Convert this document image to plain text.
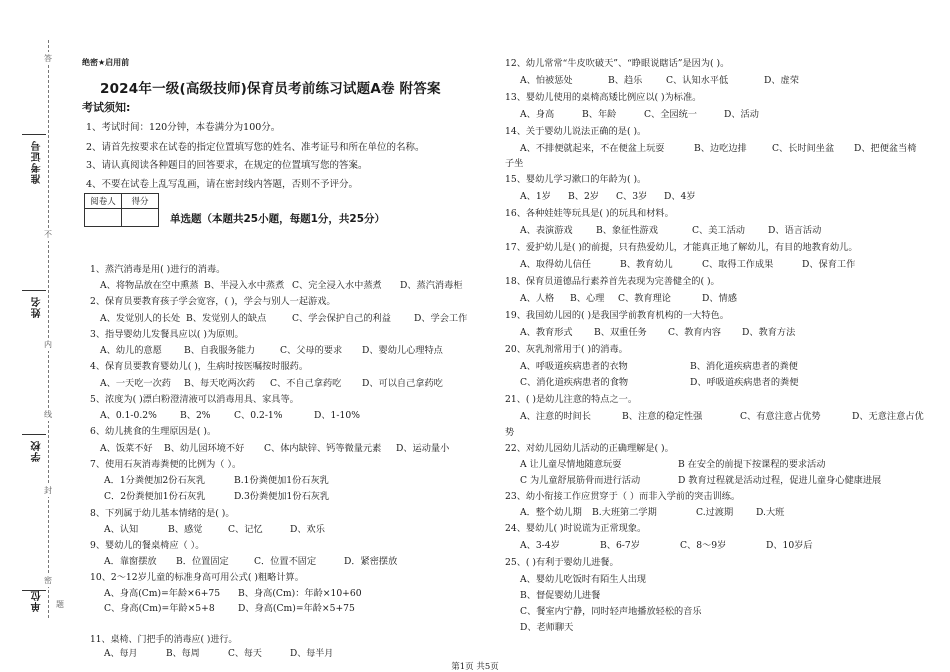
答
不
内
线
封
密
准考证号
姓名
学校
单位 题
绝密★启用前
2024年一级(高级技师)保育员考前练习试题A卷 附答案
考试须知:
1、考试时间：120分钟，本卷满分为100分。
2、请首先按要求在试卷的指定位置填写您的姓名、准考证号和所在单位的名称。
3、请认真阅读各种题目的回答要求，在规定的位置填写您的答案。
4、不要在试卷上乱写乱画，请在密封线内答题，否则不予评分。
阅卷人	得分

单选题（本题共25小题，每题1分，共25分）
1、蒸汽消毒是用( )进行的消毒。
A、将物品放在空中熏蒸 B、半浸入水中蒸煮 C、完全浸入水中蒸煮 D、蒸汽消毒柜
2、保育员要教育孩子学会宽容，( )，学会与别人一起游戏。
A、发觉别人的长处 B、发觉别人的缺点	C、学会保护自己的利益	D、学会工作
3、指导婴幼儿发餐具应以( )为原则。
A、幼儿的意愿 B、自我服务能力	C、父母的要求 D、婴幼儿心理特点
4、保育员要教育婴幼儿( )，生病时按医嘱按时服药。
A、一天吃一次药 B、每天吃两次药 C、不自己拿药吃 D、可以自己拿药吃
5、浓度为( )漂白粉澄清液可以消毒用具、家具等。
A、0.1-0.2%	B、2%	C、0.2-1%	D、1-10%
6、幼儿挑食的生理原因是( )。
A、饭菜不好 B、幼儿园环境不好 C、体内缺锌、钙等微量元素 D、运动量小
7、使用石灰消毒粪便的比例为（ ）。
A．1分粪便加2份石灰乳	B.1份粪便加1份石灰乳
C．2份粪便加1份石灰乳	D.3份粪便加1份石灰乳
8、下列属于幼儿基本情绪的是( )。
A、认知	B、感觉	C、记忆	D、欢乐
9、婴幼儿的餐桌椅应（ ）。
A．靠窗摆放 B．位置固定	C．位置不固定	D．紧密摆放
10、2～12岁儿童的标准身高可用公式( )粗略计算。
A、身高(Cm)=年龄×6+75 B、身高(Cm)：年龄×10+60
C、身高(Cm)=年龄×5+8	D、身高(Cm)=年龄×5+75
12、幼儿常常“牛皮吹破天”、“睁眼说瞎话”是因为( )。
A、怕被惩处	B、趋乐	C、认知水平低	D、虚荣
13、婴幼儿使用的桌椅高矮比例应以( )为标准。
A、身高	B、年龄	C、全园统一	D、活动
14、关于婴幼儿说法正确的是( )。
A、不排便就起来，不在便盆上玩耍	B、边吃边排	C、长时间坐盆 D、把便盆当椅
子坐
15、婴幼儿学习漱口的年龄为( )。
A、1岁 B、2岁 C、3岁 D、4岁
16、各种娃娃等玩具是( )的玩具和材料。
A、表演游戏	B、象征性游戏	C、美工活动	D、语言活动
17、爱护幼儿是( )的前提，只有热爱幼儿，才能真正地了解幼儿，有目的地教育幼儿。
A、取得幼儿信任	B、教育幼儿	C、取得工作成果	D、保育工作
18、保育员道德品行素养首先表现为完善健全的( )。
A、人格 B、心理 C、教育理论	D、情感
19、我国幼儿园的( )是我国学前教育机构的一大特色。
A、教育形式 B、双重任务 C、教育内容 D、教育方法
20、灰乳剂常用于( )的消毒。
A、呼吸道疾病患者的衣物	B、消化道疾病患者的粪便
C、消化道疾病患者的食物	D、呼吸道疾病患者的粪便
21、( )是幼儿注意的特点之一。
A、注意的时间长	B、注意的稳定性强	C、有意注意占优势	D、无意注意占优
势
22、对幼儿园幼儿活动的正确理解是( )。
A 让儿童尽情地随意玩耍	B 在安全的前提下按课程的要求活动
C 为儿童舒展筋骨而进行活动	D 教育过程就是活动过程，促进儿童身心健康进展
23、幼小衔接工作应贯穿于（ ）而非入学前的突击训练。
A．整个幼儿期 B.大班第二学期	C.过渡期 D.大班
24、婴幼儿( )时说谎为正常现象。
A、3-4岁	B、6-7岁	C、8～9岁	D、10岁后
25、( )有利于婴幼儿进餐。
A、婴幼儿吃饭时有陌生人出现
B、督促婴幼儿进餐
C、餐室内宁静，同时轻声地播放轻松的音乐
D、老师聊天
第1页 共5页
11、桌椅、门把手的消毒应( )进行。
A、每月	B、每周	C、每天	D、每半月
